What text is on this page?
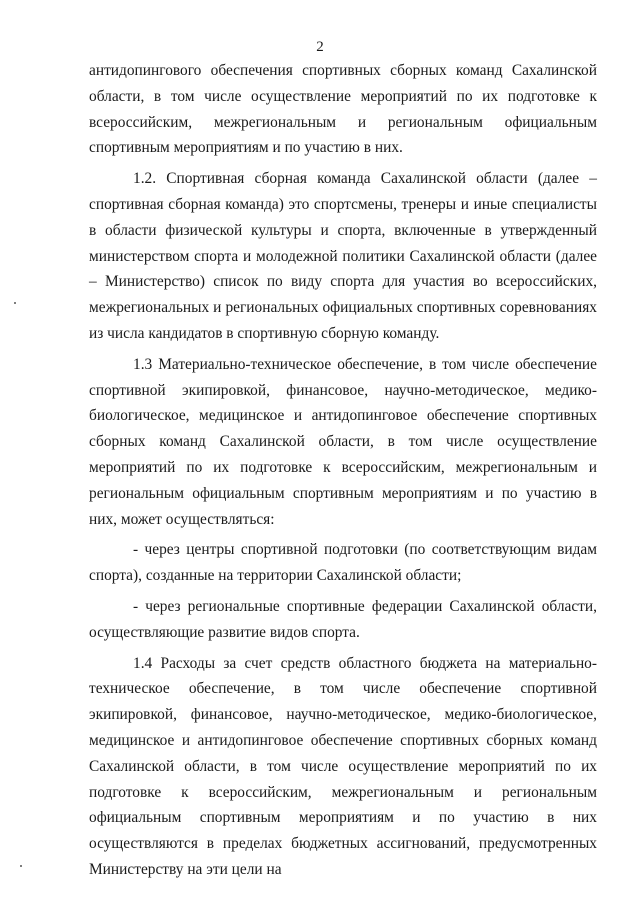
2

антидопингового обеспечения спортивных сборных команд Сахалинской области, в том числе осуществление мероприятий по их подготовке к всероссийским, межрегиональным и региональным официальным спортивным мероприятиям и по участию в них.

1.2. Спортивная сборная команда Сахалинской области (далее – спортивная сборная команда) это спортсмены, тренеры и иные специалисты в области физической культуры и спорта, включенные в утвержденный министерством спорта и молодежной политики Сахалинской области (далее – Министерство) список по виду спорта для участия во всероссийских, межрегиональных и региональных официальных спортивных соревнованиях из числа кандидатов в спортивную сборную команду.

1.3 Материально-техническое обеспечение, в том числе обеспечение спортивной экипировкой, финансовое, научно-методическое, медико-биологическое, медицинское и антидопинговое обеспечение спортивных сборных команд Сахалинской области, в том числе осуществление мероприятий по их подготовке к всероссийским, межрегиональным и региональным официальным спортивным мероприятиям и по участию в них, может осуществляться:

- через центры спортивной подготовки (по соответствующим видам спорта), созданные на территории Сахалинской области;

- через региональные спортивные федерации Сахалинской области, осуществляющие развитие видов спорта.

1.4 Расходы за счет средств областного бюджета на материально-техническое обеспечение, в том числе обеспечение спортивной экипировкой, финансовое, научно-методическое, медико-биологическое, медицинское и антидопинговое обеспечение спортивных сборных команд Сахалинской области, в том числе осуществление мероприятий по их подготовке к всероссийским, межрегиональным и региональным официальным спортивным мероприятиям и по участию в них осуществляются в пределах бюджетных ассигнований, предусмотренных Министерству на эти цели на
